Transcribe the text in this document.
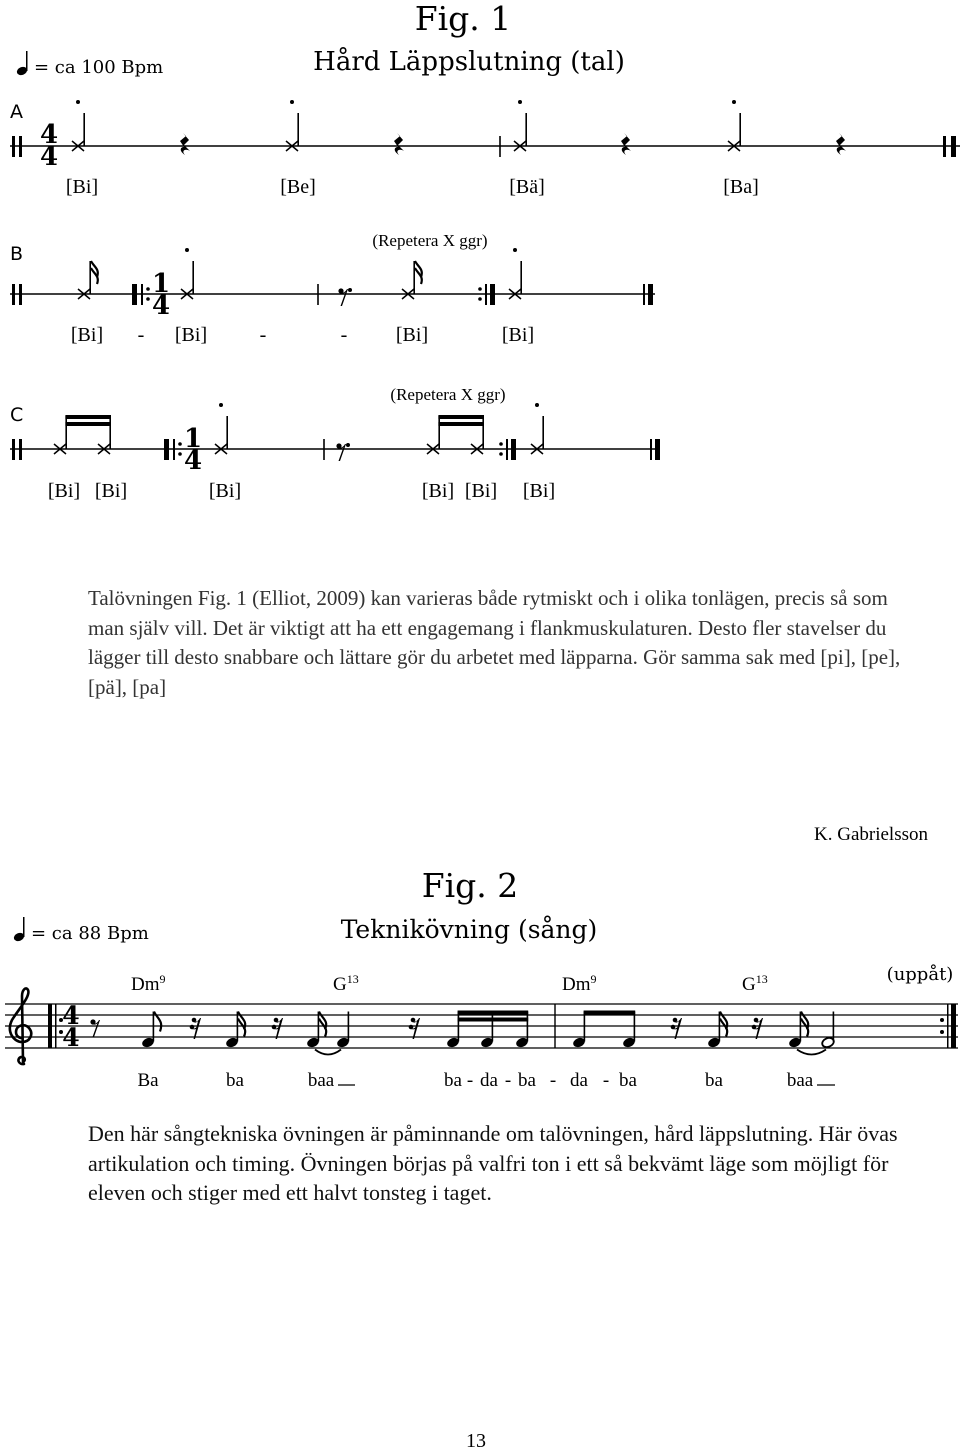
Fig. 1
Hård Läppslutning (tal)
= ca 100 Bpm
A
4
4
[Bi]	[Be]	[Bä]	[Ba]
B
(Repetera X ggr)
1
4
[Bi] - [Bi]	-	- [Bi]	[Bi]
C
(Repetera X ggr)
1
4
[Bi] [Bi]	[Bi]	[Bi] [Bi] [Bi]
K. Gabrielsson
Fig. 2
Teknikövning (sång)
= ca 88 Bpm
(uppåt)
Dm$^9$	$G^{13}$	Dm$^9$	$G^{13}$
4
4
Ba	ba	baa	ba - da - ba - da - ba	ba	baa
13

Talövningen Fig. 1 (Elliot, 2009) kan varieras både rytmiskt och i olika tonlägen, precis så som man själv vill. Det är viktigt att ha ett engagemang i flankmuskulaturen. Desto fler stavelser du lägger till desto snabbare och lättare gör du arbetet med läpparna. Gör samma sak med [pi], [pe], [pä], [pa]

Den här sångtekniska övningen är påminnande om talövningen, hård läppslutning. Här övas artikulation och timing. Övningen börjas på valfri ton i ett så bekvämt läge som möjligt för eleven och stiger med ett halvt tonsteg i taget.
